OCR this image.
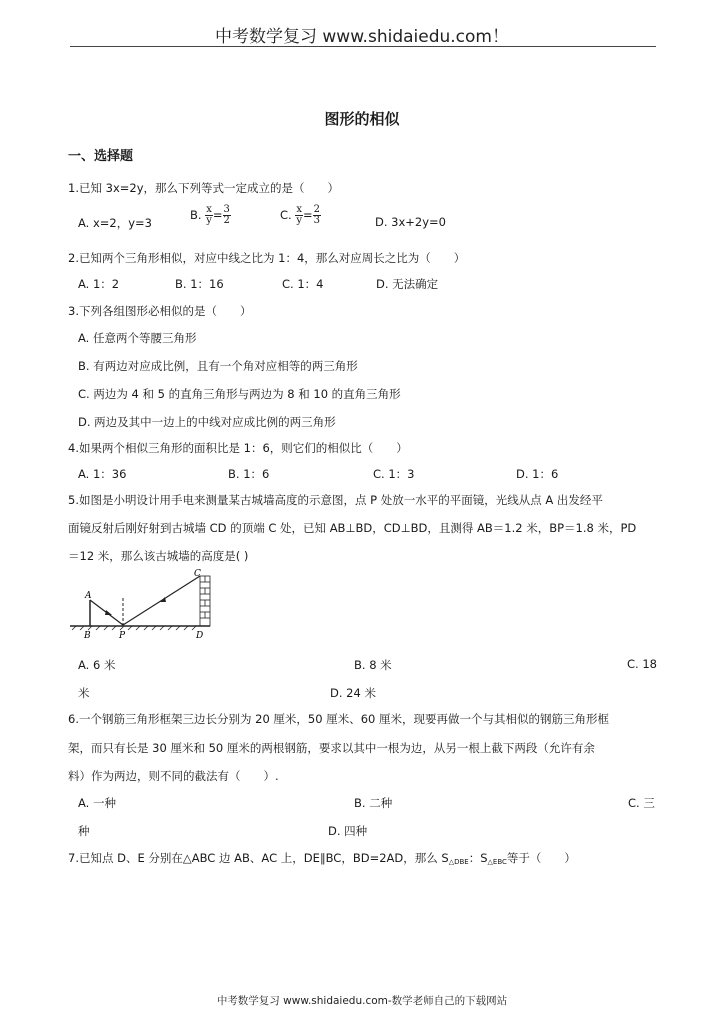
中考数学复习 www.shidaiedu.com！
图形的相似
一、选择题
1.已知 3x=2y，那么下列等式一定成立的是（　　）
A. x=2，y=3
B. $\frac{x}{y} = \frac{3}{2}$	C. $\frac{x}{y} = \frac{2}{3}$	D. 3x+2y=0
2.已知两个三角形相似，对应中线之比为 1：4，那么对应周长之比为（　　）
A. 1：2	B. 1：16	C. 1：4	D. 无法确定
3.下列各组图形必相似的是（　　）
A. 任意两个等腰三角形
B. 有两边对应成比例，且有一个角对应相等的两三角形
C. 两边为 4 和 5 的直角三角形与两边为 8 和 10 的直角三角形
D. 两边及其中一边上的中线对应成比例的两三角形
4.如果两个相似三角形的面积比是 1：6，则它们的相似比（　　）
A. 1：36	B. 1：6	C. 1：3	D. 1：6
5.如图是小明设计用手电来测量某古城墙高度的示意图，点 P 处放一水平的平面镜，光线从点 A 出发经平
面镜反射后刚好射到古城墙 CD 的顶端 C 处，已知 AB⊥BD，CD⊥BD，且测得 AB＝1.2 米，BP＝1.8 米，PD
＝12 米，那么该古城墙的高度是( )
A
B	P
C
D
A. 6 米	B. 8 米	C. 18
米	D. 24 米
6.一个钢筋三角形框架三边长分别为 20 厘米，50 厘米、60 厘米，现要再做一个与其相似的钢筋三角形框
架，而只有长是 30 厘米和 50 厘米的两根钢筋，要求以其中一根为边，从另一根上截下两段（允许有余
料）作为两边，则不同的截法有（　　）.
A. 一种	B. 二种	C. 三
种	D. 四种
7.已知点 D、E 分别在△ABC 边 AB、AC 上，DE∥BC，BD=2AD，那么 $S_{\triangle DBE}$：$S_{\triangle EBC}$等于（　　）
中考数学复习 www.shidaiedu.com-数学老师自己的下载网站
